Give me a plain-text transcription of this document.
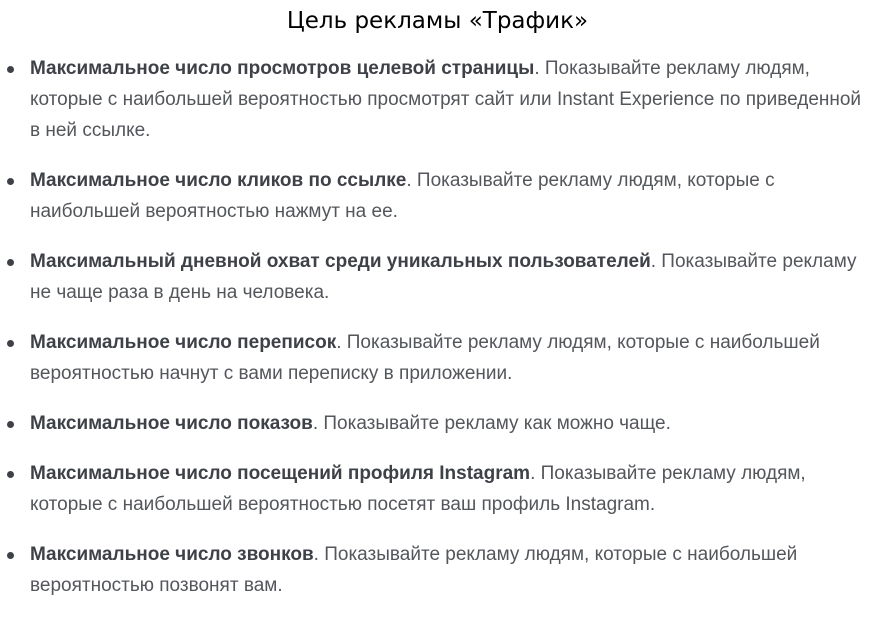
Цель рекламы «Трафик»
Максимальное число просмотров целевой страницы. Показывайте рекламу людям, которые с наибольшей вероятностью просмотрят сайт или Instant Experience по приведенной в ней ссылке.
Максимальное число кликов по ссылке. Показывайте рекламу людям, которые с наибольшей вероятностью нажмут на ее.
Максимальный дневной охват среди уникальных пользователей. Показывайте рекламу не чаще раза в день на человека.
Максимальное число переписок. Показывайте рекламу людям, которые с наибольшей вероятностью начнут с вами переписку в приложении.
Максимальное число показов. Показывайте рекламу как можно чаще.
Максимальное число посещений профиля Instagram. Показывайте рекламу людям, которые с наибольшей вероятностью посетят ваш профиль Instagram.
Максимальное число звонков. Показывайте рекламу людям, которые с наибольшей вероятностью позвонят вам.
